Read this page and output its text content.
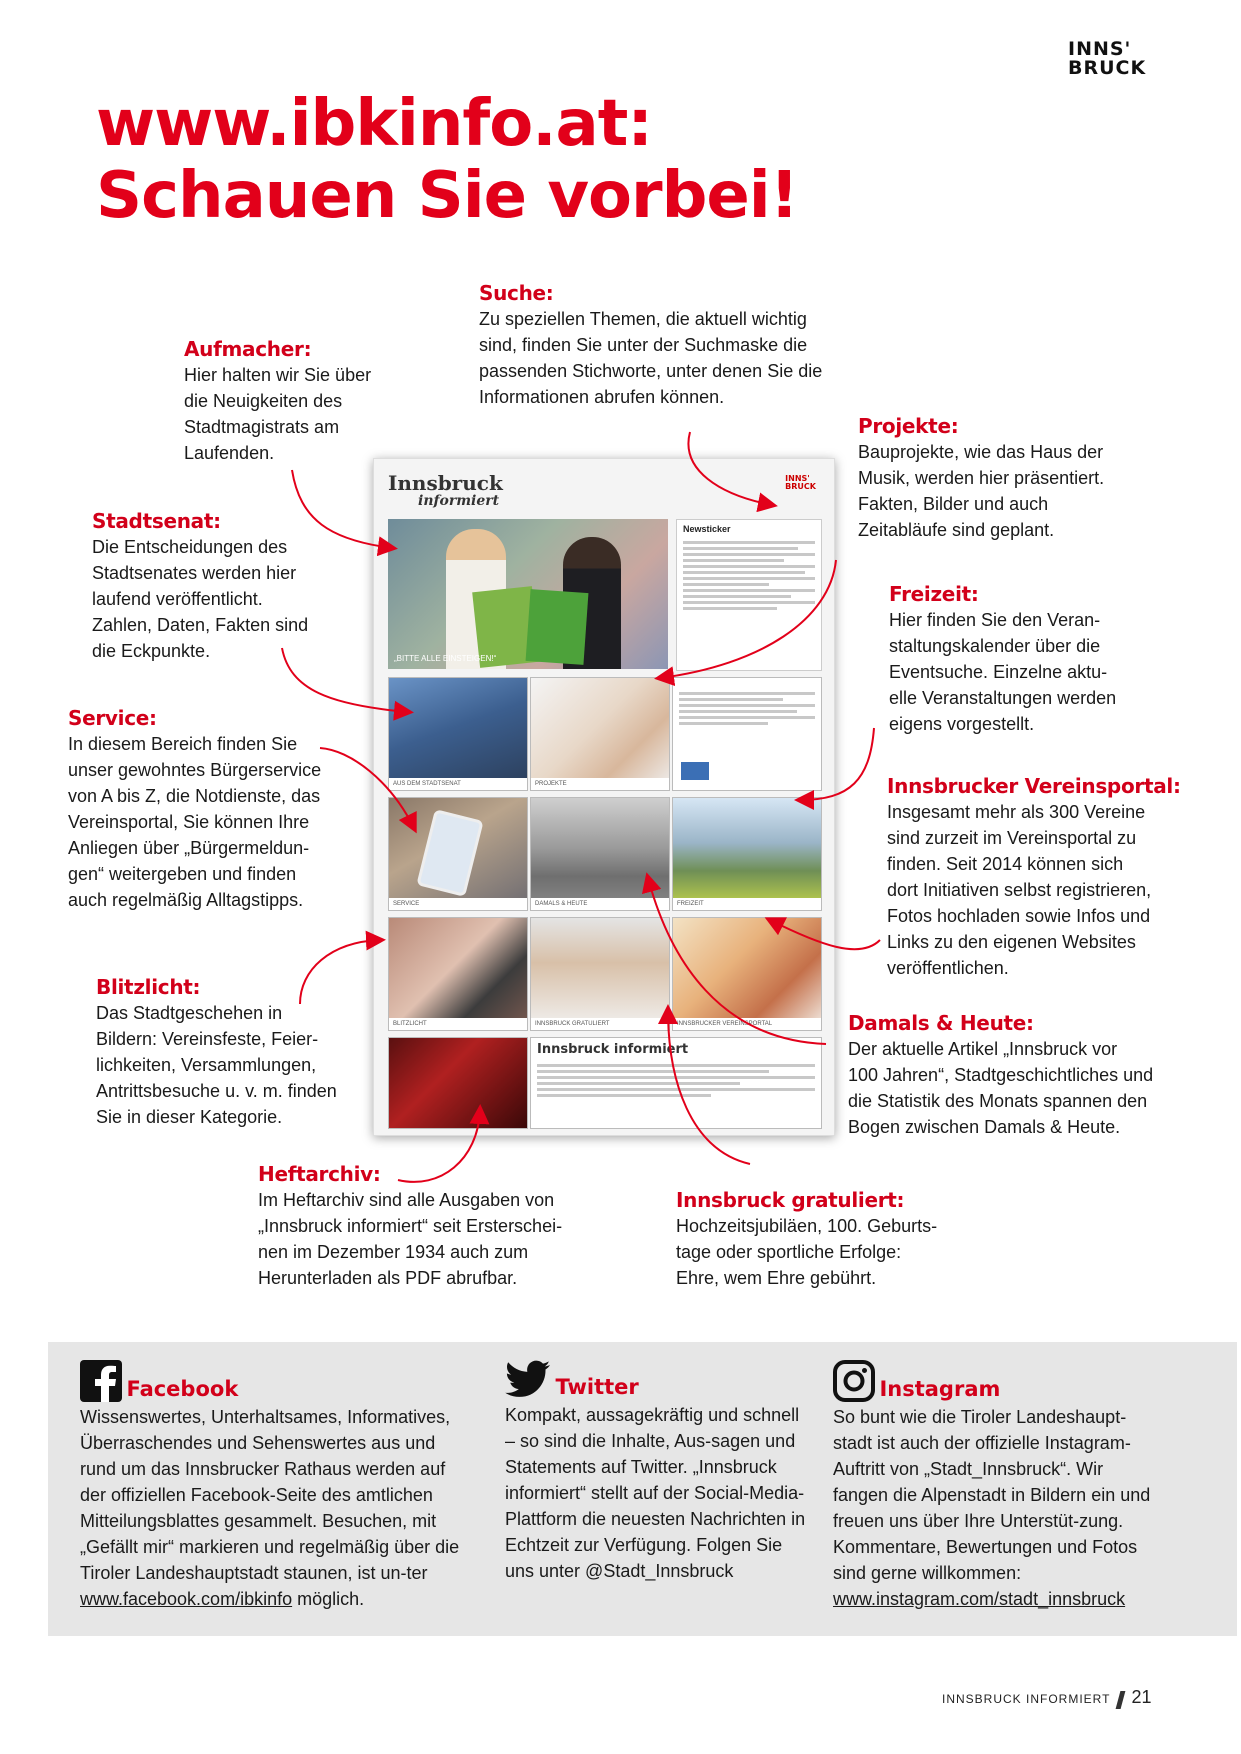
INNS'
BRUCK
www.ibkinfo.at:
Schauen Sie vorbei!
Suche:

Zu speziellen Themen, die aktuell wichtig
sind, finden Sie unter der Suchmaske die
passenden Stichworte, unter denen Sie die
Informationen abrufen können.

Aufmacher:

Hier halten wir Sie über
die Neuigkeiten des
Stadtmagistrats am
Laufenden.

Projekte:

Bauprojekte, wie das Haus der
Musik, werden hier präsentiert.
Fakten, Bilder und auch
Zeitabläufe sind geplant.

Stadtsenat:

Die Entscheidungen des
Stadtsenates werden hier
laufend veröffentlicht.
Zahlen, Daten, Fakten sind
die Eckpunkte.

Freizeit:

Hier finden Sie den Veran-
staltungskalender über die
Eventsuche. Einzelne aktu-
elle Veranstaltungen werden
eigens vorgestellt.

Service:

In diesem Bereich finden Sie
unser gewohntes Bürgerservice
von A bis Z, die Notdienste, das
Vereinsportal, Sie können Ihre
Anliegen über „Bürgermeldun-
gen“ weitergeben und finden
auch regelmäßig Alltagstipps.

Innsbrucker Vereinsportal:

Insgesamt mehr als 300 Vereine
sind zurzeit im Vereinsportal zu
finden. Seit 2014 können sich
dort Initiativen selbst registrieren,
Fotos hochladen sowie Infos und
Links zu den eigenen Websites
veröffentlichen.

Blitzlicht:

Das Stadtgeschehen in
Bildern: Vereinsfeste, Feier-
lichkeiten, Versammlungen,
Antrittsbesuche u. v. m. finden
Sie in dieser Kategorie.

Damals & Heute:

Der aktuelle Artikel „Innsbruck vor
100 Jahren“, Stadtgeschichtliches und
die Statistik des Monats spannen den
Bogen zwischen Damals & Heute.

Heftarchiv:

Im Heftarchiv sind alle Ausgaben von
„Innsbruck informiert“ seit Ersterschei-
nen im Dezember 1934 auch zum
Herunterladen als PDF abrufbar.

Innsbruck gratuliert:

Hochzeitsjubiläen, 100. Geburts-
tage oder sportliche Erfolge:
Ehre, wem Ehre gebührt.

Innsbruck
informiert
INNS'
BRUCK
„BITTE ALLE EINSTEIGEN!“
Newsticker
AUS DEM STADTSENAT	PROJEKTE
SERVICE	DAMALS & HEUTE	FREIZEIT
BLITZLICHT	INNSBRUCK GRATULIERT	INNSBRUCKER VEREINSPORTAL
Innsbruck informiert
Facebook

Wissenswertes, Unterhaltsames, Informatives, Überraschendes und Sehenswertes aus und rund um das Innsbrucker Rathaus werden auf der offiziellen Facebook-Seite des amtlichen Mitteilungsblattes gesammelt. Besuchen, mit „Gefällt mir“ markieren und regelmäßig über die Tiroler Landeshauptstadt staunen, ist un-ter www.facebook.com/ibkinfo möglich.

Twitter

Kompakt, aussagekräftig und schnell – so sind die Inhalte, Aus-sagen und Statements auf Twitter. „Innsbruck informiert“ stellt auf der Social-Media-Plattform die neuesten Nachrichten in Echtzeit zur Verfügung. Folgen Sie uns unter @Stadt_Innsbruck

Instagram

So bunt wie die Tiroler Landeshaupt-stadt ist auch der offizielle Instagram-Auftritt von „Stadt_Innsbruck“. Wir fangen die Alpenstadt in Bildern ein und freuen uns über Ihre Unterstüt-zung. Kommentare, Bewertungen und Fotos sind gerne willkommen: www.instagram.com/stadt_innsbruck

INNSBRUCK INFORMIERT 21
